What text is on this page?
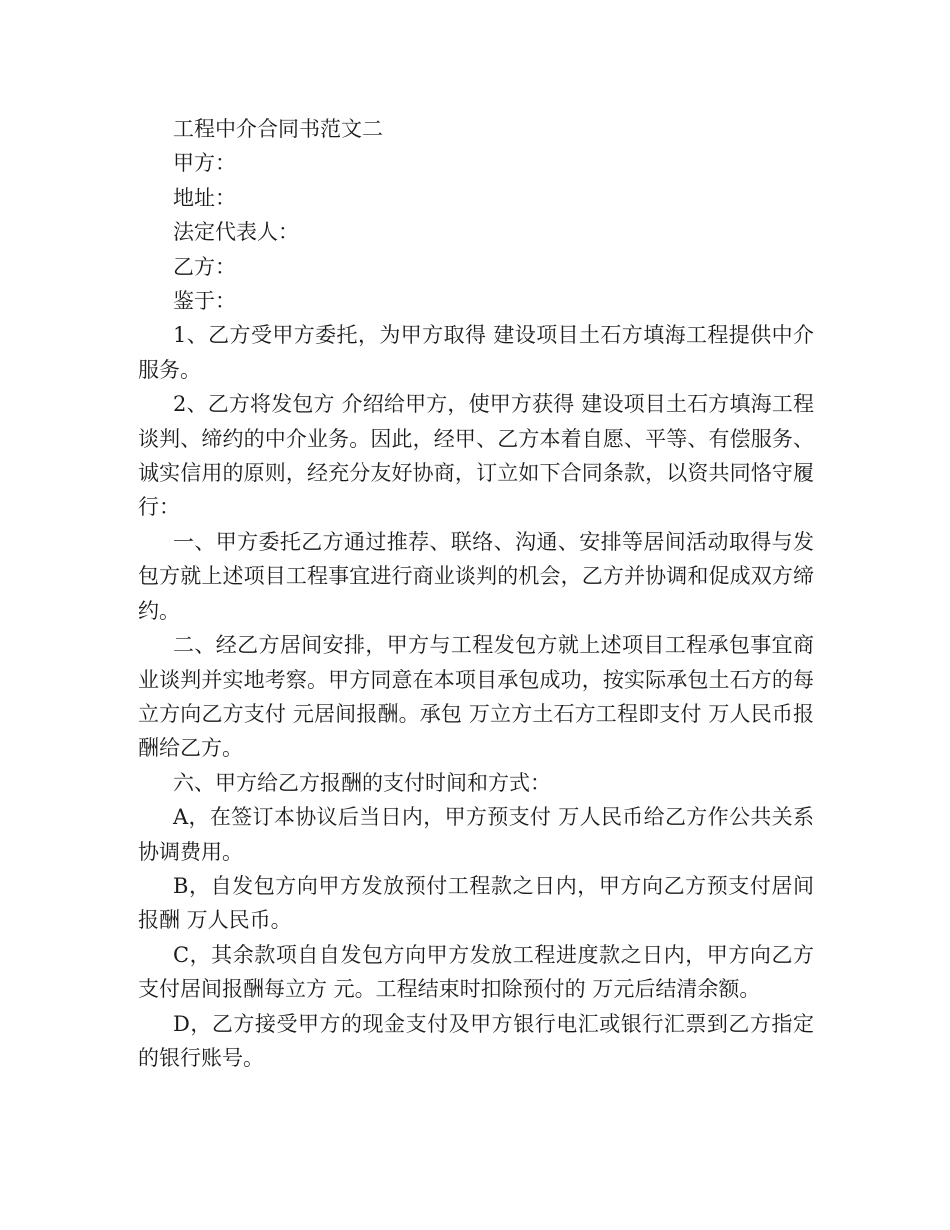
工程中介合同书范文二

甲方：

地址：

法定代表人：

乙方：

鉴于：

1、乙方受甲方委托，为甲方取得 建设项目土石方填海工程提供中介服务。

2、乙方将发包方 介绍给甲方，使甲方获得 建设项目土石方填海工程谈判、缔约的中介业务。因此，经甲、乙方本着自愿、平等、有偿服务、诚实信用的原则，经充分友好协商，订立如下合同条款，以资共同恪守履行：

一、甲方委托乙方通过推荐、联络、沟通、安排等居间活动取得与发包方就上述项目工程事宜进行商业谈判的机会，乙方并协调和促成双方缔约。

二、经乙方居间安排，甲方与工程发包方就上述项目工程承包事宜商业谈判并实地考察。甲方同意在本项目承包成功，按实际承包土石方的每立方向乙方支付 元居间报酬。承包 万立方土石方工程即支付 万人民币报酬给乙方。

六、甲方给乙方报酬的支付时间和方式：

A，在签订本协议后当日内，甲方预支付 万人民币给乙方作公共关系协调费用。

B，自发包方向甲方发放预付工程款之日内，甲方向乙方预支付居间报酬 万人民币。

C，其余款项自自发包方向甲方发放工程进度款之日内，甲方向乙方支付居间报酬每立方 元。工程结束时扣除预付的 万元后结清余额。

D，乙方接受甲方的现金支付及甲方银行电汇或银行汇票到乙方指定的银行账号。
